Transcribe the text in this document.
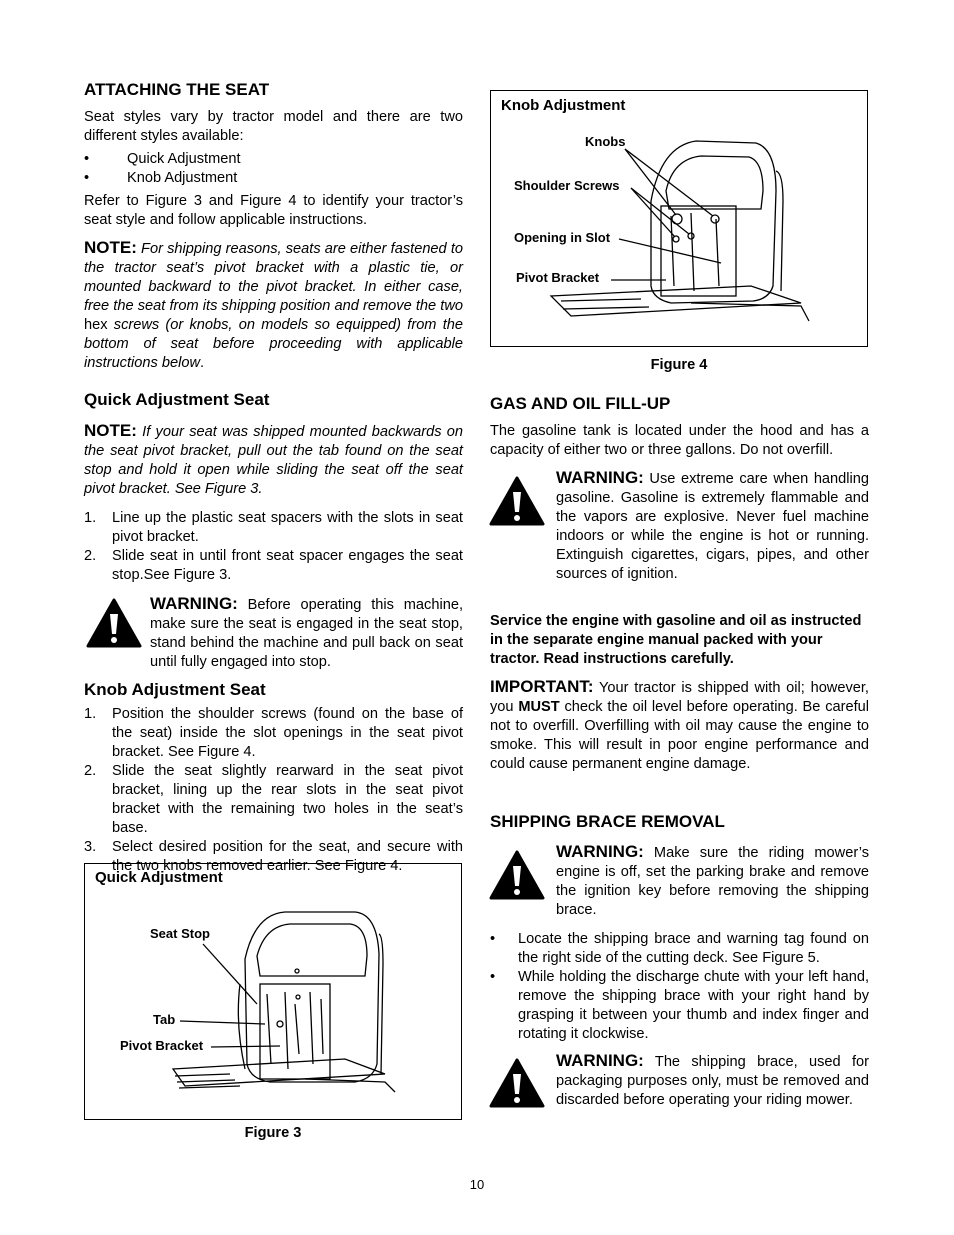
ATTACHING THE SEAT

Seat styles vary by tractor model and there are two different styles available:

•	Quick Adjustment
•	Knob Adjustment

Refer to Figure 3 and Figure 4 to identify your tractor’s seat style and follow applicable instructions.

NOTE: For shipping reasons, seats are either fastened to the tractor seat’s pivot bracket with a plastic tie, or mounted backward to the pivot bracket. In either case, free the seat from its shipping position and remove the two hex screws (or knobs, on models so equipped) from the bottom of seat before proceeding with applicable instructions below.

Quick Adjustment Seat

NOTE: If your seat was shipped mounted backwards on the seat pivot bracket, pull out the tab found on the seat stop and hold it open while sliding the seat off the seat pivot bracket. See Figure 3.

1. Line up the plastic seat spacers with the slots in seat pivot bracket.
2. Slide seat in until front seat spacer engages the seat stop.See Figure 3.

WARNING: Before operating this machine, make sure the seat is engaged in the seat stop, stand behind the machine and pull back on seat until fully engaged into stop.

Knob Adjustment Seat
1. Position the shoulder screws (found on the base of the seat) inside the slot openings in the seat pivot bracket. See Figure 4.
2. Slide the seat slightly rearward in the seat pivot bracket, lining up the rear slots in the seat pivot bracket with the remaining two holes in the seat’s base.
3. Select desired position for the seat, and secure with the two knobs removed earlier. See Figure 4.
Quick Adjustment
Seat Stop
Tab
Pivot Bracket
Figure 3
Knob Adjustment
Knobs
Shoulder Screws
Opening in Slot
Pivot Bracket
Figure 4
GAS AND OIL FILL-UP

The gasoline tank is located under the hood and has a capacity of either two or three gallons. Do not overfill.

WARNING: Use extreme care when handling gasoline. Gasoline is extremely flammable and the vapors are explosive. Never fuel machine indoors or while the engine is hot or running. Extinguish cigarettes, cigars, pipes, and other sources of ignition.

Service the engine with gasoline and oil as instructed in the separate engine manual packed with your tractor. Read instructions carefully.

IMPORTANT: Your tractor is shipped with oil; however, you MUST check the oil level before operating. Be careful not to overfill. Overfilling with oil may cause the engine to smoke. This will result in poor engine performance and could cause permanent engine damage.

SHIPPING BRACE REMOVAL

WARNING: Make sure the riding mower’s engine is off, set the parking brake and remove the ignition key before removing the shipping brace.

• Locate the shipping brace and warning tag found on the right side of the cutting deck. See Figure 5.
• While holding the discharge chute with your left hand, remove the shipping brace with your right hand by grasping it between your thumb and index finger and rotating it clockwise.

WARNING: The shipping brace, used for packaging purposes only, must be removed and discarded before operating your riding mower.

10
